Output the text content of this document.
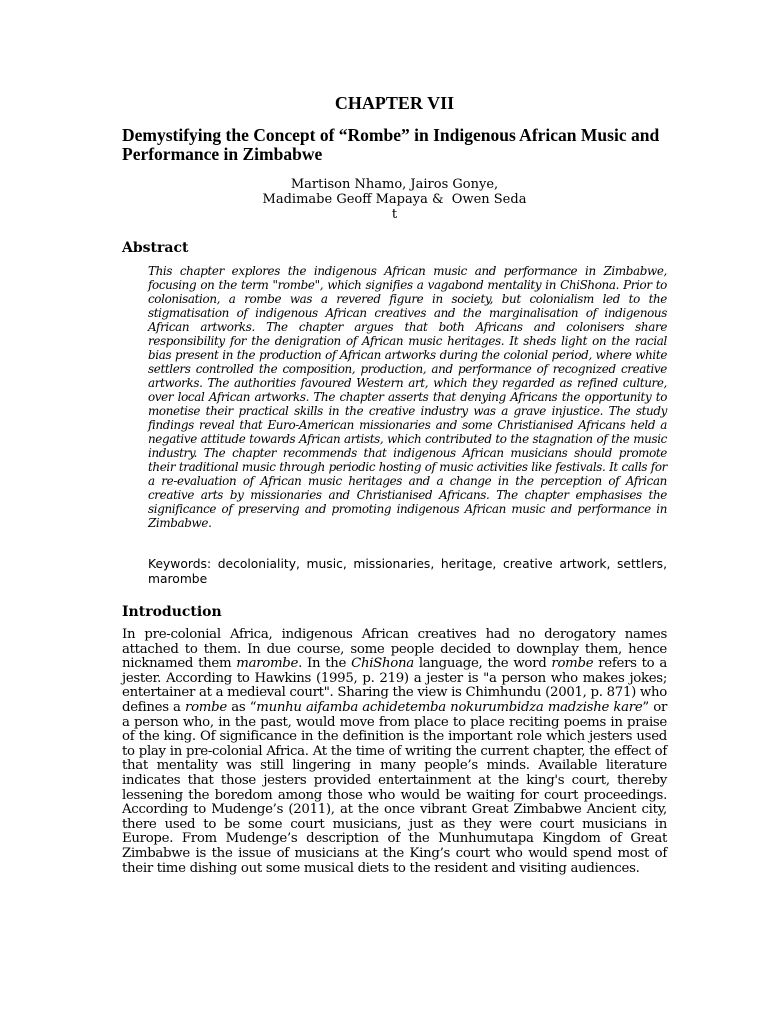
CHAPTER VII
Demystifying the Concept of “Rombe” in Indigenous African Music and Performance in Zimbabwe
Martison Nhamo, Jairos Gonye,
Madimabe Geoff Mapaya &  Owen Seda
t
Abstract
This chapter explores the indigenous African music and performance in Zimbabwe, focusing on the term "rombe", which signifies a vagabond mentality in ChiShona. Prior to colonisation, a rombe was a revered figure in society, but colonialism led to the stigmatisation of indigenous African creatives and the marginalisation of indigenous African artworks. The chapter argues that both Africans and colonisers share responsibility for the denigration of African music heritages. It sheds light on the racial bias present in the production of African artworks during the colonial period, where white settlers controlled the composition, production, and performance of recognized creative artworks. The authorities favoured Western art, which they regarded as refined culture, over local African artworks. The chapter asserts that denying Africans the opportunity to monetise their practical skills in the creative industry was a grave injustice. The study findings reveal that Euro-American missionaries and some Christianised Africans held a negative attitude towards African artists, which contributed to the stagnation of the music industry. The chapter recommends that indigenous African musicians should promote their traditional music through periodic hosting of music activities like festivals. It calls for a re-evaluation of African music heritages and a change in the perception of African creative arts by missionaries and Christianised Africans. The chapter emphasises the significance of preserving and promoting indigenous African music and performance in Zimbabwe.
Keywords: decoloniality, music, missionaries, heritage, creative artwork, settlers, marombe
Introduction
In pre-colonial Africa, indigenous African creatives had no derogatory names attached to them. In due course, some people decided to downplay them, hence nicknamed them marombe. In the ChiShona language, the word rombe refers to a jester. According to Hawkins (1995, p. 219) a jester is "a person who makes jokes; entertainer at a medieval court". Sharing the view is Chimhundu (2001, p. 871) who defines a rombe as “munhu aifamba achidetemba nokurumbidza madzishe kare” or a person who, in the past, would move from place to place reciting poems in praise of the king. Of significance in the definition is the important role which jesters used to play in pre-colonial Africa. At the time of writing the current chapter, the effect of that mentality was still lingering in many people’s minds. Available literature indicates that those jesters provided entertainment at the king's court, thereby lessening the boredom among those who would be waiting for court proceedings. According to Mudenge’s (2011), at the once vibrant Great Zimbabwe Ancient city, there used to be some court musicians, just as they were court musicians in Europe. From Mudenge’s description of the Munhumutapa Kingdom of Great Zimbabwe is the issue of musicians at the King’s court who would spend most of their time dishing out some musical diets to the resident and visiting audiences.
